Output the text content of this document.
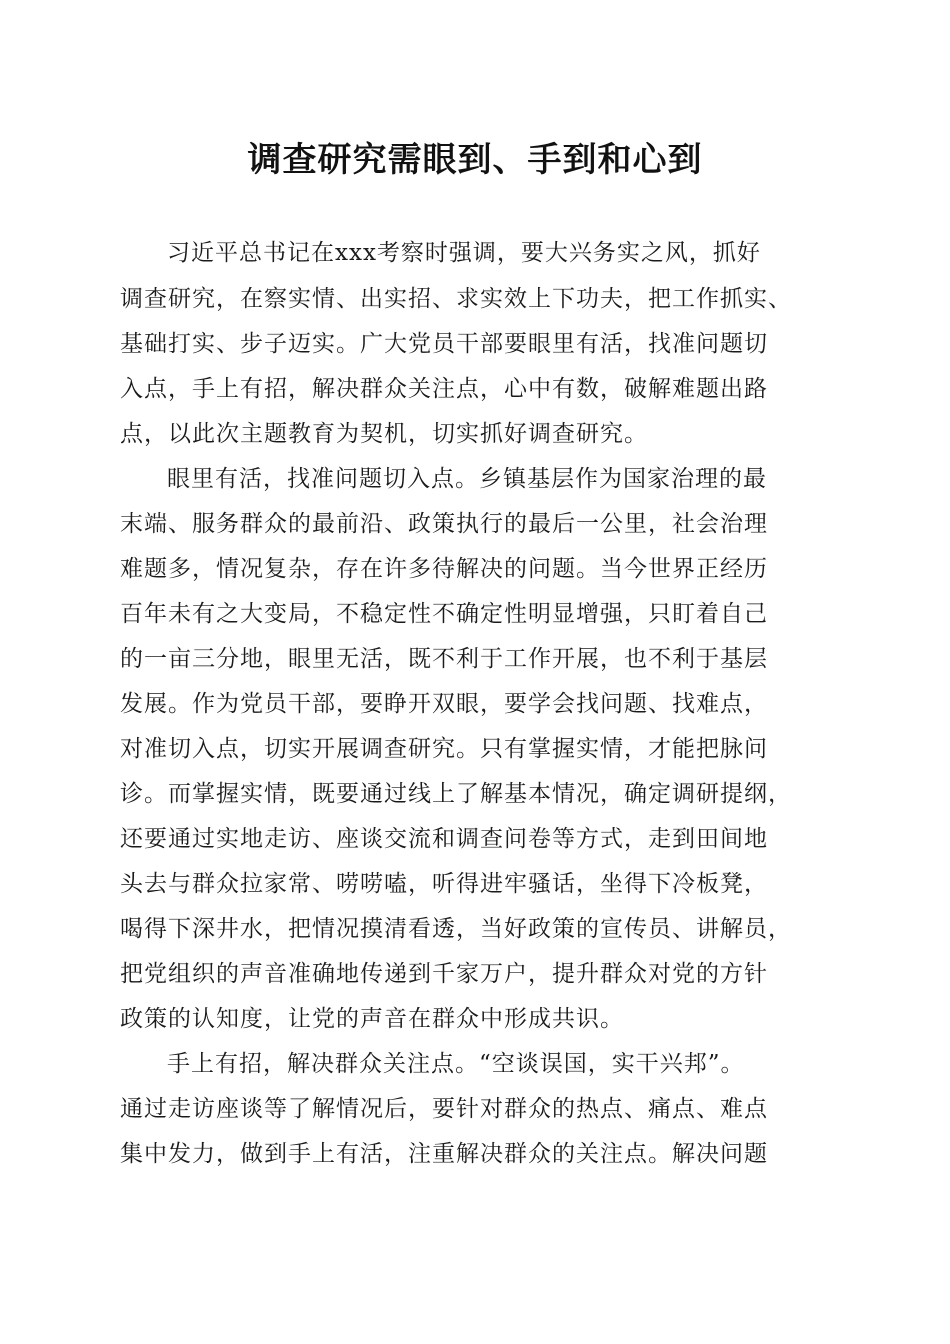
调查研究需眼到、手到和心到
习近平总书记在xxx考察时强调，要大兴务实之风，抓好
调查研究，在察实情、出实招、求实效上下功夫，把工作抓实、
基础打实、步子迈实。广大党员干部要眼里有活，找准问题切
入点，手上有招，解决群众关注点，心中有数，破解难题出路
点，以此次主题教育为契机，切实抓好调查研究。
眼里有活，找准问题切入点。乡镇基层作为国家治理的最
末端、服务群众的最前沿、政策执行的最后一公里，社会治理
难题多，情况复杂，存在许多待解决的问题。当今世界正经历
百年未有之大变局，不稳定性不确定性明显增强，只盯着自己
的一亩三分地，眼里无活，既不利于工作开展，也不利于基层
发展。作为党员干部，要睁开双眼，要学会找问题、找难点，
对准切入点，切实开展调查研究。只有掌握实情，才能把脉问
诊。而掌握实情，既要通过线上了解基本情况，确定调研提纲，
还要通过实地走访、座谈交流和调查问卷等方式，走到田间地
头去与群众拉家常、唠唠嗑，听得进牢骚话，坐得下冷板凳，
喝得下深井水，把情况摸清看透，当好政策的宣传员、讲解员，
把党组织的声音准确地传递到千家万户，提升群众对党的方针
政策的认知度，让党的声音在群众中形成共识。
手上有招，解决群众关注点。“空谈误国，实干兴邦”。
通过走访座谈等了解情况后，要针对群众的热点、痛点、难点
集中发力，做到手上有活，注重解决群众的关注点。解决问题
